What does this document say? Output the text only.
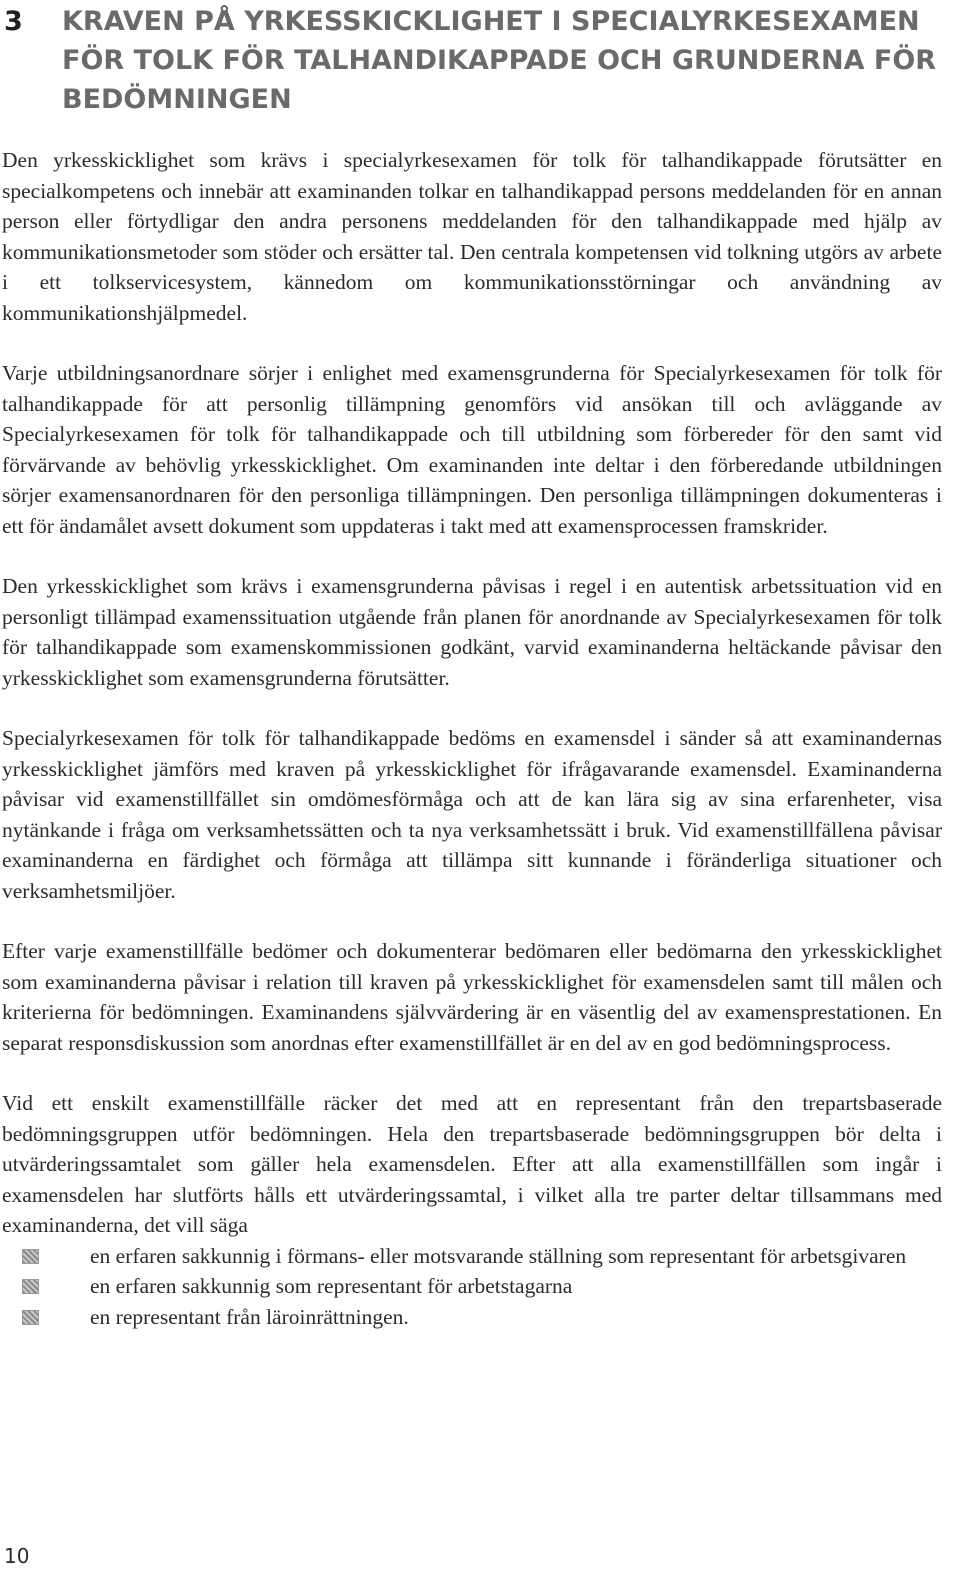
3 KRAVEN PÅ YRKESSKICKLIGHET I SPECIALYRKESEXAMEN FÖR TOLK FÖR TALHANDIKAPPADE OCH GRUNDERNA FÖR BEDÖMNINGEN

Den yrkesskicklighet som krävs i specialyrkesexamen för tolk för talhandikappade förutsätter en specialkompetens och innebär att examinanden tolkar en talhandikappad persons meddelanden för en annan person eller förtydligar den andra personens meddelanden för den talhandikappade med hjälp av kommunikationsmetoder som stöder och ersätter tal. Den centrala kompetensen vid tolkning utgörs av arbete i ett tolkservicesystem, kännedom om kommunikationsstörningar och användning av kommunikationshjälpmedel.

Varje utbildningsanordnare sörjer i enlighet med examensgrunderna för Specialyrkesexamen för tolk för talhandikappade för att personlig tillämpning genomförs vid ansökan till och avläggande av Specialyrkesexamen för tolk för talhandikappade och till utbildning som förbereder för den samt vid förvärvande av behövlig yrkesskicklighet. Om examinanden inte deltar i den förberedande utbildningen sörjer examensanordnaren för den personliga tillämpningen. Den personliga tillämpningen dokumenteras i ett för ändamålet avsett dokument som uppdateras i takt med att examensprocessen framskrider.

Den yrkesskicklighet som krävs i examensgrunderna påvisas i regel i en autentisk arbetssituation vid en personligt tillämpad examenssituation utgående från planen för anordnande av Specialyrkesexamen för tolk för talhandikappade som examenskommissionen godkänt, varvid examinanderna heltäckande påvisar den yrkesskicklighet som examensgrunderna förutsätter.

Specialyrkesexamen för tolk för talhandikappade bedöms en examensdel i sänder så att examinandernas yrkesskicklighet jämförs med kraven på yrkesskicklighet för ifrågavarande examensdel. Examinanderna påvisar vid examenstillfället sin omdömesförmåga och att de kan lära sig av sina erfarenheter, visa nytänkande i fråga om verksamhetssätten och ta nya verksamhetssätt i bruk. Vid examenstillfällena påvisar examinanderna en färdighet och förmåga att tillämpa sitt kunnande i föränderliga situationer och verksamhetsmiljöer.

Efter varje examenstillfälle bedömer och dokumenterar bedömaren eller bedömarna den yrkesskicklighet som examinanderna påvisar i relation till kraven på yrkesskicklighet för examensdelen samt till målen och kriterierna för bedömningen. Examinandens självvärdering är en väsentlig del av examensprestationen. En separat responsdiskussion som anordnas efter examenstillfället är en del av en god bedömningsprocess.

Vid ett enskilt examenstillfälle räcker det med att en representant från den trepartsbaserade bedömningsgruppen utför bedömningen. Hela den trepartsbaserade bedömningsgruppen bör delta i utvärderingssamtalet som gäller hela examensdelen. Efter att alla examenstillfällen som ingår i examensdelen har slutförts hålls ett utvärderingssamtal, i vilket alla tre parter deltar tillsammans med examinanderna, det vill säga

en erfaren sakkunnig i förmans- eller motsvarande ställning som representant för arbetsgivaren
en erfaren sakkunnig som representant för arbetstagarna
en representant från läroinrättningen.
10
